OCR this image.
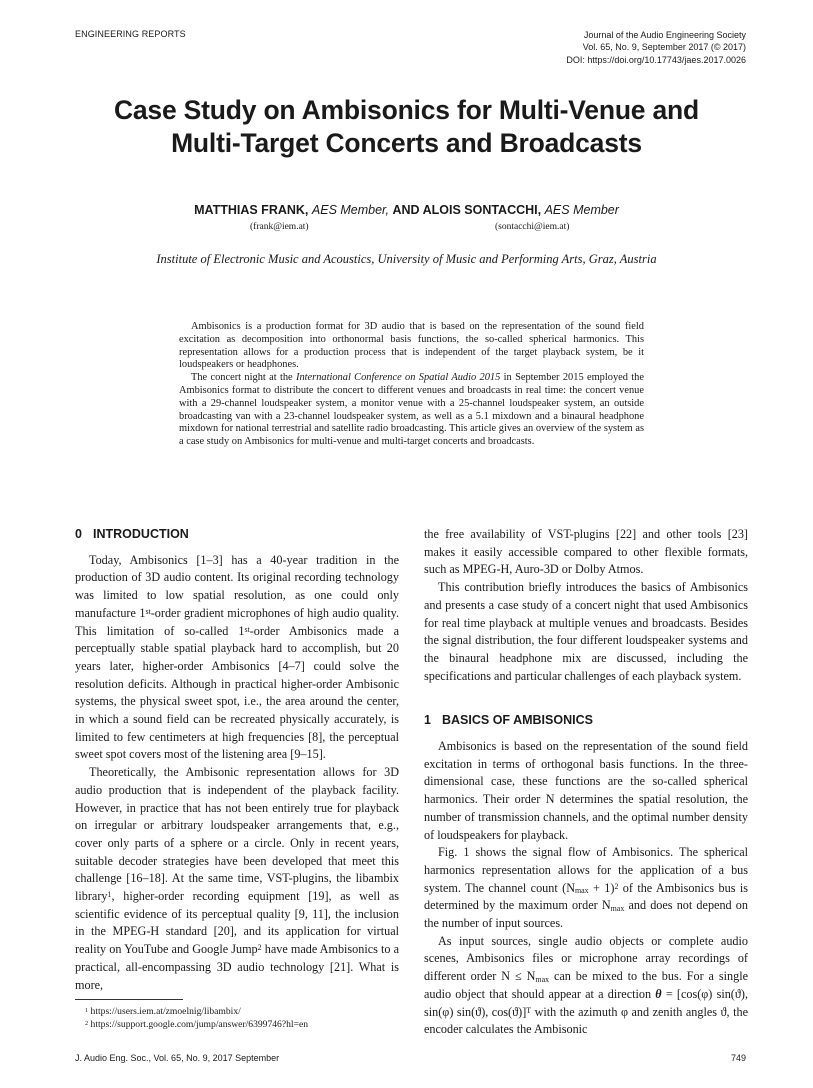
ENGINEERING REPORTS	Journal of the Audio Engineering Society
Vol. 65, No. 9, September 2017 (© 2017)
DOI: https://doi.org/10.17743/jaes.2017.0026
Case Study on Ambisonics for Multi-Venue and
Multi-Target Concerts and Broadcasts
MATTHIAS FRANK, AES Member, AND ALOIS SONTACCHI, AES Member
(frank@iem.at)	(sontacchi@iem.at)
Institute of Electronic Music and Acoustics, University of Music and Performing Arts, Graz, Austria

Ambisonics is a production format for 3D audio that is based on the representation of the sound field excitation as decomposition into orthonormal basis functions, the so-called spherical harmonics. This representation allows for a production process that is independent of the target playback system, be it loudspeakers or headphones.

The concert night at the International Conference on Spatial Audio 2015 in September 2015 employed the Ambisonics format to distribute the concert to different venues and broadcasts in real time: the concert venue with a 29-channel loudspeaker system, a monitor venue with a 25-channel loudspeaker system, an outside broadcasting van with a 23-channel loudspeaker system, as well as a 5.1 mixdown and a binaural headphone mixdown for national terrestrial and satellite radio broadcasting. This article gives an overview of the system as a case study on Ambisonics for multi-venue and multi-target concerts and broadcasts.

0 INTRODUCTION

Today, Ambisonics [1–3] has a 40-year tradition in the production of 3D audio content. Its original recording technology was limited to low spatial resolution, as one could only manufacture 1st-order gradient microphones of high audio quality. This limitation of so-called 1st-order Ambisonics made a perceptually stable spatial playback hard to accomplish, but 20 years later, higher-order Ambisonics [4–7] could solve the resolution deficits. Although in practical higher-order Ambisonic systems, the physical sweet spot, i.e., the area around the center, in which a sound field can be recreated physically accurately, is limited to few centimeters at high frequencies [8], the perceptual sweet spot covers most of the listening area [9–15].

Theoretically, the Ambisonic representation allows for 3D audio production that is independent of the playback facility. However, in practice that has not been entirely true for playback on irregular or arbitrary loudspeaker arrangements that, e.g., cover only parts of a sphere or a circle. Only in recent years, suitable decoder strategies have been developed that meet this challenge [16–18]. At the same time, VST-plugins, the libambix library$^1$, higher-order recording equipment [19], as well as scientific evidence of its perceptual quality [9, 11], the inclusion in the MPEG-H standard [20], and its application for virtual reality on YouTube and Google Jump$^2$ have made Ambisonics to a practical, all-encompassing 3D audio technology [21]. What is more,

the free availability of VST-plugins [22] and other tools [23] makes it easily accessible compared to other flexible formats, such as MPEG-H, Auro-3D or Dolby Atmos.

This contribution briefly introduces the basics of Ambisonics and presents a case study of a concert night that used Ambisonics for real time playback at multiple venues and broadcasts. Besides the signal distribution, the four different loudspeaker systems and the binaural headphone mix are discussed, including the specifications and particular challenges of each playback system.

1 BASICS OF AMBISONICS

Ambisonics is based on the representation of the sound field excitation in terms of orthogonal basis functions. In the three-dimensional case, these functions are the so-called spherical harmonics. Their order N determines the spatial resolution, the number of transmission channels, and the optimal number density of loudspeakers for playback.

Fig. 1 shows the signal flow of Ambisonics. The spherical harmonics representation allows for the application of a bus system. The channel count $(N_{max} + 1)^2$ of the Ambisonics bus is determined by the maximum order $N_{max}$ and does not depend on the number of input sources.

As input sources, single audio objects or complete audio scenes, Ambisonics files or microphone array recordings of different order $N \le N_{max}$ can be mixed to the bus. For a single audio object that should appear at a direction θ = [cos(φ) sin(ϑ), sin(φ) sin(ϑ), cos(ϑ)]$^T$ with the azimuth φ and zenith angles ϑ, the encoder calculates the Ambisonic

$^1$ https://users.iem.at/zmoelnig/libambix/
$^2$ https://support.google.com/jump/answer/6399746?hl=en
J. Audio Eng. Soc., Vol. 65, No. 9, 2017 September	749
